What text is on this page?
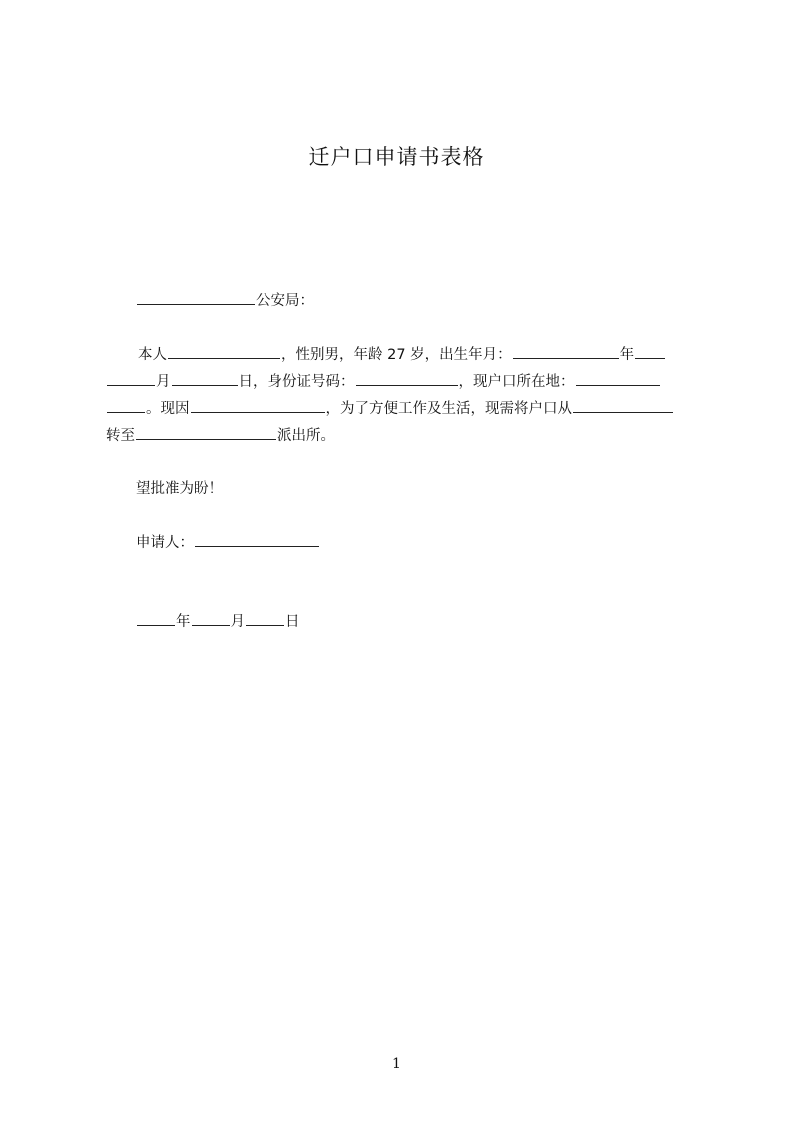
迁户口申请书表格
公安局：
本人	，性别男，年龄 27 岁，出生年月：	年
月	日，身份证号码：	，现户口所在地：
。现因	，为了方便工作及生活，现需将户口从
转至	派出所。
望批准为盼！
申请人：
年	月	日
1
